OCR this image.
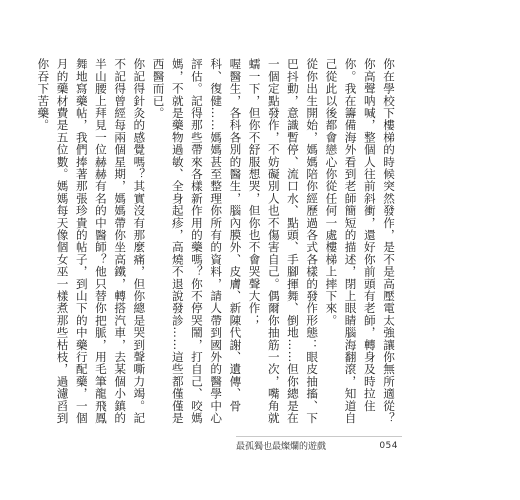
你在學校下樓梯的時候突然發作，是不是高壓電太強讓你無所適從？你高聲呐喊，整個人往前斜衝，還好你前頭有老師，轉身及時拉住你。我在籌備海外看到老師簡短的描述，閉上眼睛腦海翻滾，知道自己從此以後都會戀心你從任何一處樓梯上摔下來。

從你出生開始，媽媽陪你經歷過各式各樣的發作形態：眼皮抽搐、下巴抖動，意識暫停、流口水、點頭、手腳揮舞、倒地……但你總是在一個定點發作，不妨礙別人也不傷害自己。偶爾你抽筋一次，嘴角就蠕一下，但你不舒服想哭，但你也不會哭聲大作；

喔醫生，各科各別的醫生，腦內膜外、皮膚、新陳代謝、遺傳、骨科、復健……媽媽甚至整理你所有的資料，請人帶到國外的醫學中心評估。記得那些帶來各樣新作用的藥嗎？你不停哭鬧，打自己、咬媽媽，不就是藥物過敏、全身起疹，高燒不退說發診……這些都僅僅是西醫而已。

你記得針灸的感覺嗎？其實沒有那麼痛，但你總是哭到聲嘶力竭。記不記得曾經每兩個星期，媽媽帶你坐高鐵，轉搭汽車，去某個小鎮的半山腰上拜見一位赫赫有名的中醫師？他只替你把脈，用毛筆龍飛鳳舞地寫藥帖，我們捧著那張珍貴的帖子，到山下的中藥行配藥，一個月的藥材費是五位數。媽媽每天像個女巫一樣煮那些枯枝，過濾舀到你吞下苦藥。

最孤獨也最燦爛的遊戲	054
